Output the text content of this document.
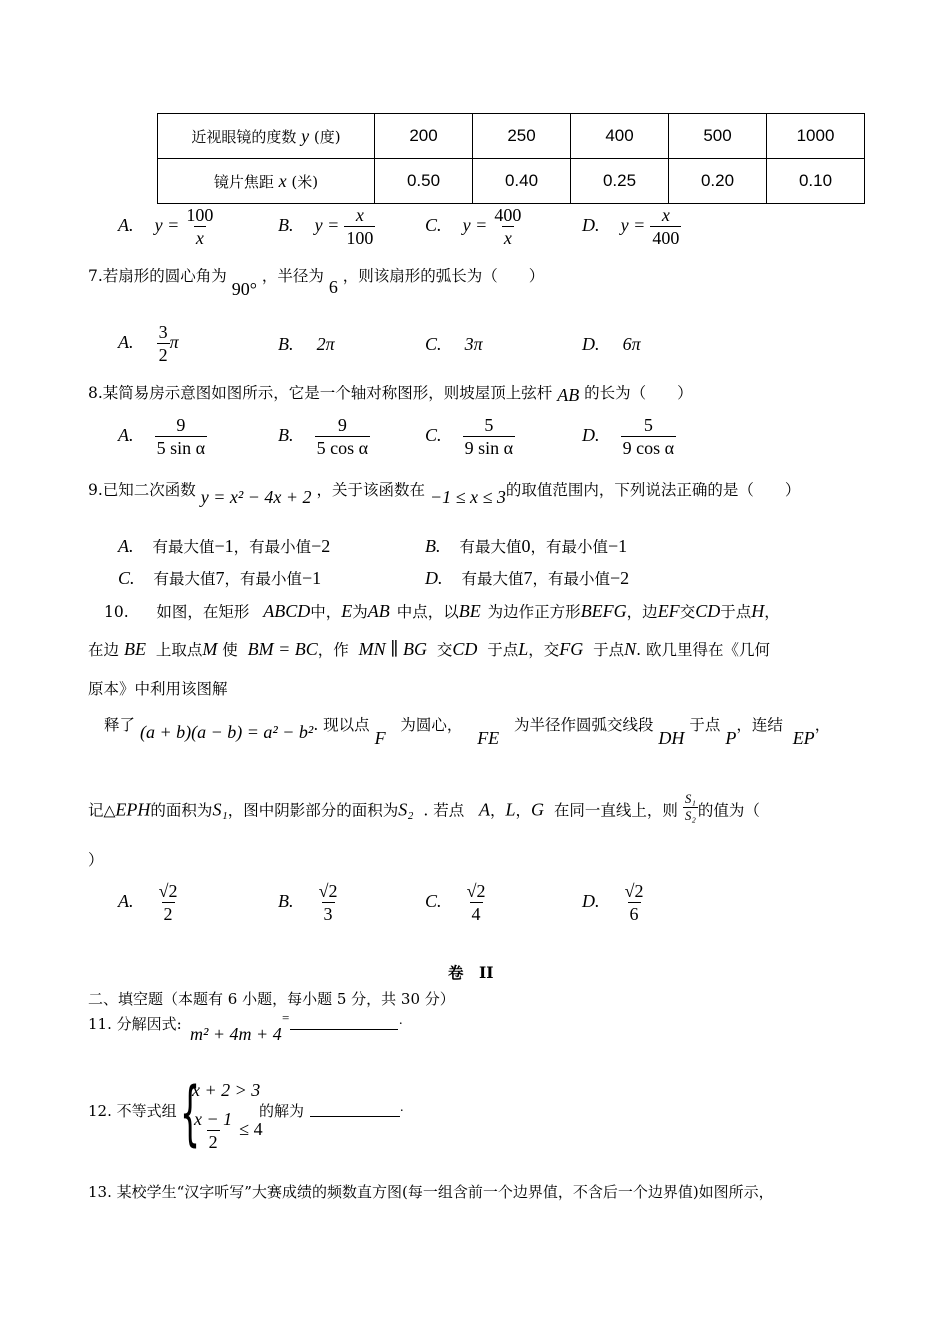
近视眼镜的度数 y (度)	200	250	400	500	1000
镜片焦距 x (米)	0.50	0.40	0.25	0.20	0.10
A. $y = \frac{100}{x}$	B. $y = \frac{x}{100}$	C. $y = \frac{400}{x}$	D. $y = \frac{x}{400}$
7.若扇形的圆心角为 90° ，半径为 6 ，则该扇形的弧长为（　　）
A. $\frac{3}{2}$ π	B. 2π	C. 3π	D. 6π
8.某简易房示意图如图所示，它是一个轴对称图形，则坡屋顶上弦杆 AB 的长为（　　）
A. $\frac{9}{\text{5 sin α}}$	B. $\frac{9}{\text{5 cos α}}$	C. $\frac{5}{\text{9 sin α}}$	D. $\frac{5}{\text{9 cos α}}$
9.已知二次函数 y = x² − 4x + 2 ，关于该函数在 −1 ≤ x ≤ 3的取值范围内，下列说法正确的是（　　）
A. 有最大值−1，有最小值−2	B. 有最大值0，有最小值−1
C. 有最大值7，有最小值−1	D. 有最大值7，有最小值−2
10. 如图，在矩形 ABCD中，E为AB 中点，以BE 为边作正方形BEFG，边EF交CD于点H，
在边 BE 上取点M 使 BM = BC，作 MN ∥ BG 交CD 于点L，交FG 于点N. 欧几里得在《几何
原本》中利用该图解
释了 (a + b)(a − b) = a² − b². 现以点 F   为圆心，   FE   为半径作圆弧交线段 DH 于点 P，连结  EP，
记△EPH的面积为S₁，图中阴影部分的面积为S₂ . 若点 A，L，G 在同一直线上，则 $\frac{\text{S₁}}{\text{S₂}}$ 的值为（
）
A. $\frac{√2}{2}$	B. $\frac{√2}{3}$	C. $\frac{√2}{4}$	D. $\frac{√2}{6}$
卷　II
二、填空题（本题有 6 小题，每小题 5 分，共 30 分）
11. 分解因式: m² + 4m + 4
=	.
12. 不等式组 {
x + 2 > 3
$\frac{x - 1}{2} \le 4$
的解为	.
13. 某校学生“汉字听写”大赛成绩的频数直方图(每一组含前一个边界值，不含后一个边界值)如图所示，
